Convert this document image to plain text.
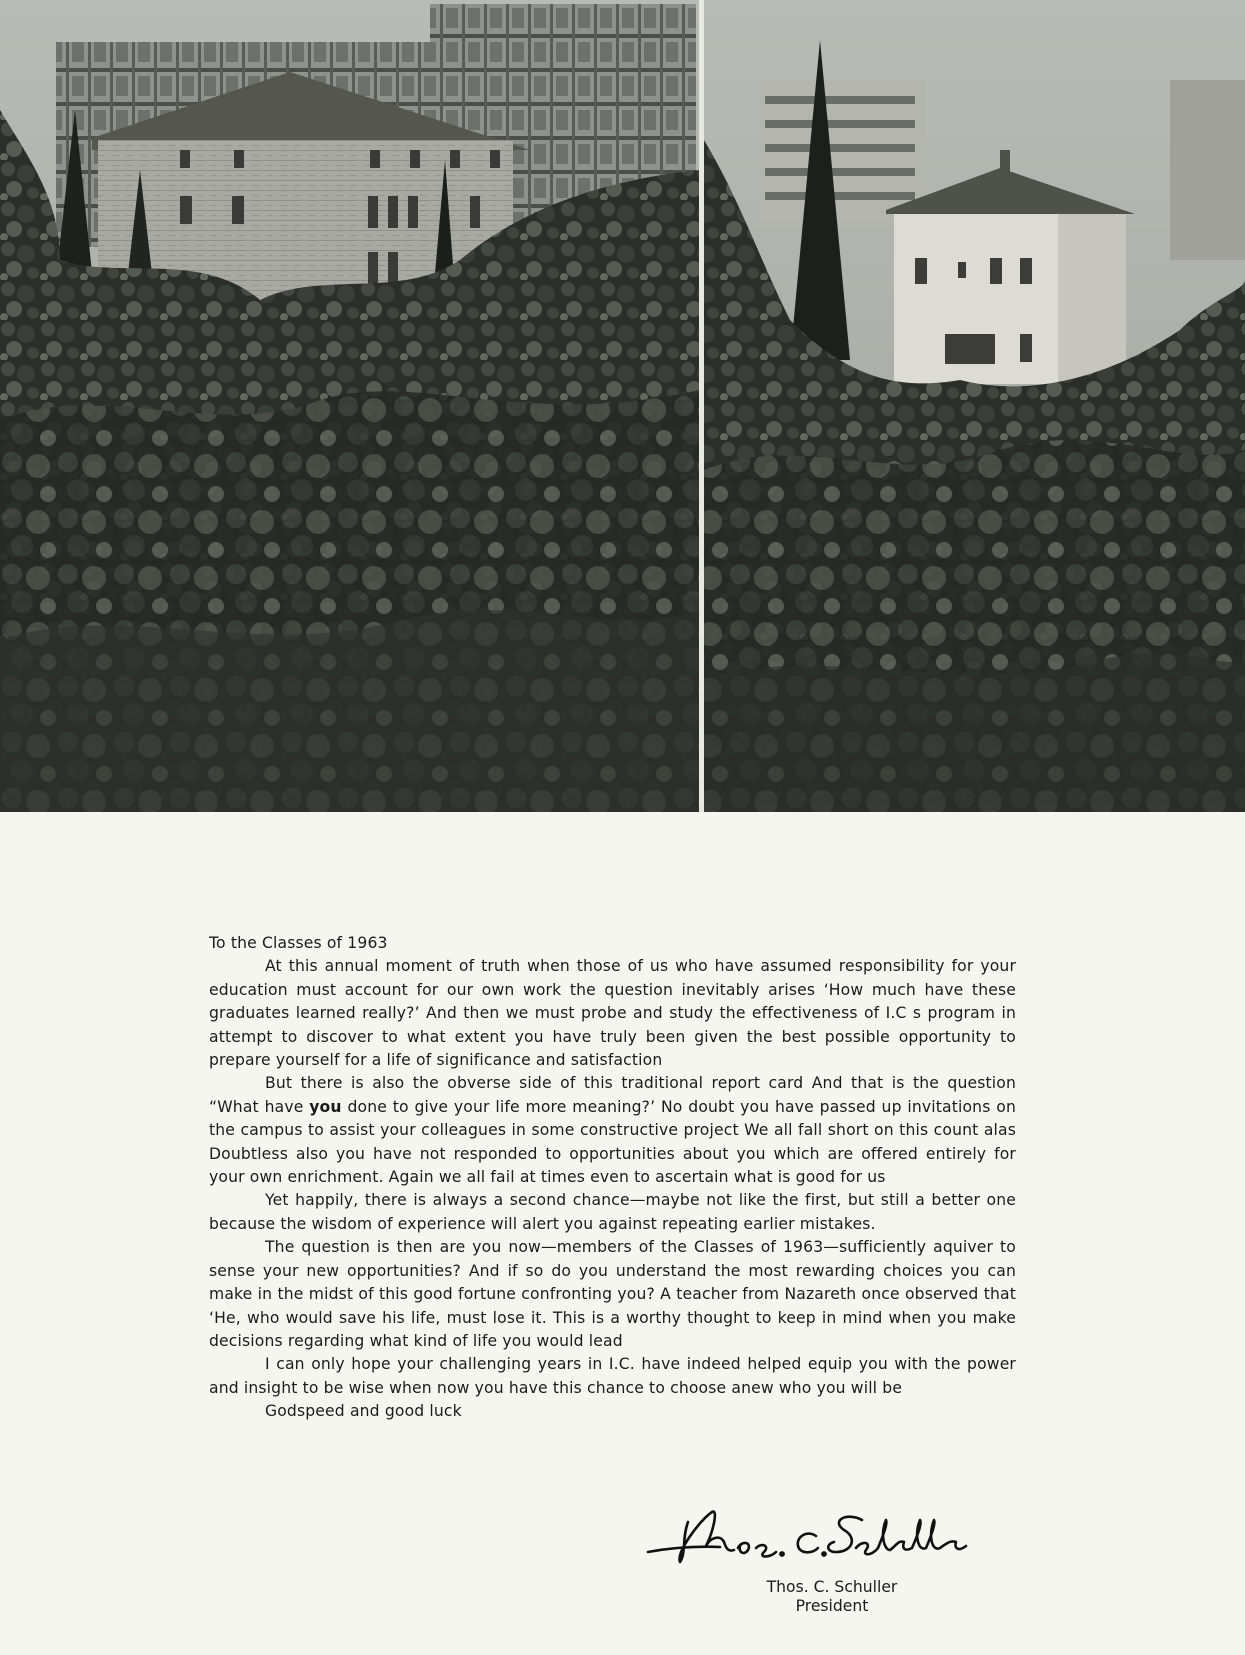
To the Classes of 1963

At this annual moment of truth when those of us who have assumed responsibility for your education must account for our own work the question inevitably arises ‘How much have these graduates learned really?’ And then we must probe and study the effectiveness of I.C s program in attempt to discover to what extent you have truly been given the best possible opportunity to prepare yourself for a life of significance and satisfaction

But there is also the obverse side of this traditional report card And that is the question “What have you done to give your life more meaning?’ No doubt you have passed up invitations on the campus to assist your colleagues in some constructive project We all fall short on this count alas Doubtless also you have not responded to opportunities about you which are offered entirely for your own enrichment. Again we all fail at times even to ascertain what is good for us

Yet happily, there is always a second chance—maybe not like the first, but still a better one because the wisdom of experience will alert you against repeating earlier mistakes.

The question is then are you now—members of the Classes of 1963—sufficiently aquiver to sense your new opportunities? And if so do you understand the most rewarding choices you can make in the midst of this good fortune confronting you? A teacher from Nazareth once observed that ‘He, who would save his life, must lose it. This is a worthy thought to keep in mind when you make decisions regarding what kind of life you would lead

I can only hope your challenging years in I.C. have indeed helped equip you with the power and insight to be wise when now you have this chance to choose anew who you will be

Godspeed and good luck

Thos. C. Schuller
President
